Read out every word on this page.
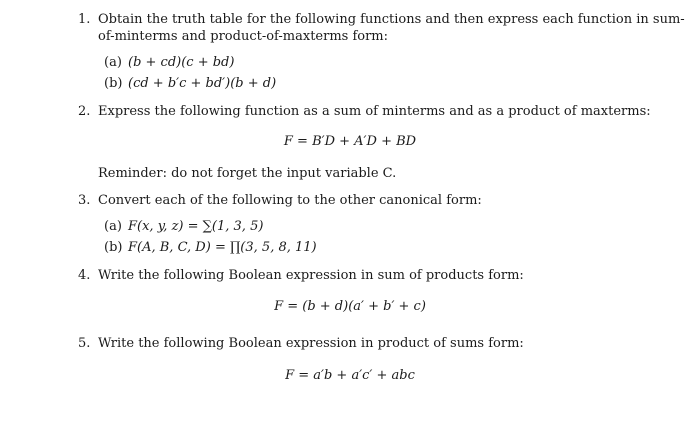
1. Obtain the truth table for the following functions and then express each function in sum-
of-minterms and product-of-maxterms form:
(a) (b + cd)(c + bd)
(b) (cd + b′c + bd′)(b + d)
2. Express the following function as a sum of minterms and as a product of maxterms:
F = B′D + A′D + BD
Reminder: do not forget the input variable C.
3. Convert each of the following to the other canonical form:
(a) F(x, y, z) = ∑(1, 3, 5)
(b) F(A, B, C, D) = ∏(3, 5, 8, 11)
4. Write the following Boolean expression in sum of products form:
F = (b + d)(a′ + b′ + c)
5. Write the following Boolean expression in product of sums form:
F = a′b + a′c′ + abc
